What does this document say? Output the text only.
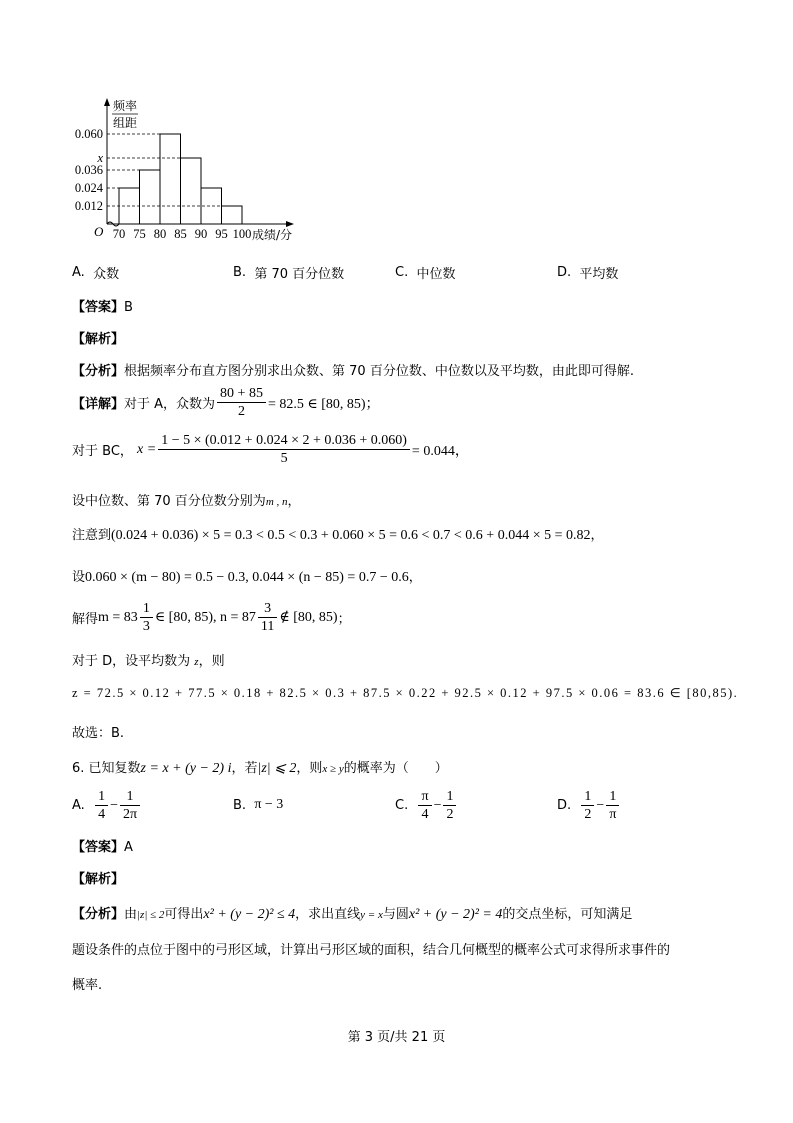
0.060
x
0.036
0.024
0.012
70 75 80 85 90 95 100 成绩/分
O
频率
组距
A.
众数	B.
第 70 百分位数	C.
中位数	D.
平均数
【答案】B
【解析】
【分析】根据频率分布直方图分别求出众数、第 70 百分位数、中位数以及平均数，由此即可得解.
【详解】 对于 A，众数为 $\frac{80 + 85}{2} = 82.5$ ∈ [80, 85)；
对于 BC，
$x = \frac{1 - 5 \times (0.012 + 0.024 \times 2 + 0.036 + 0.060)}{5} = 0.044$，
设中位数、第 70 百分位数分别为m , n，
注意到(0.024 + 0.036) × 5 = 0.3 < 0.5 < 0.3 + 0.060 × 5 = 0.6 < 0.7 < 0.6 + 0.044 × 5 = 0.82，
设0.060 × (m − 80) = 0.5 − 0.3, 0.044 × (n − 85) = 0.7 − 0.6，
解得 $m = 83 \frac{1}{3}$ ∈ [80, 85), $n = 87 \frac{3}{11}$ ∉ [80, 85) ；
对于 D，设平均数为 z，则
z = 72.5 × 0.12 + 77.5 × 0.18 + 82.5 × 0.3 + 87.5 × 0.22 + 92.5 × 0.12 + 97.5 × 0.06 = 83.6 ∈ [80,85).
故选：B.
6. 已知复数z = x + (y − 2) i，若|z| ⩽ 2，则x ≥ y的概率为（　　）
A.
$\frac{1}{4} - \frac{1}{2\pi}$	B.
π − 3	C.
$\frac{\pi}{4} - \frac{1}{2}$	D.
$\frac{1}{2} - \frac{1}{\pi}$
【答案】A
【解析】
【分析】由|z| ≤ 2可得出x² + (y − 2)² ≤ 4，求出直线y = x与圆x² + (y − 2)² = 4的交点坐标，可知满足
题设条件的点位于图中的弓形区域，计算出弓形区域的面积，结合几何概型的概率公式可求得所求事件的
概率.
第 3 页/共 21 页
